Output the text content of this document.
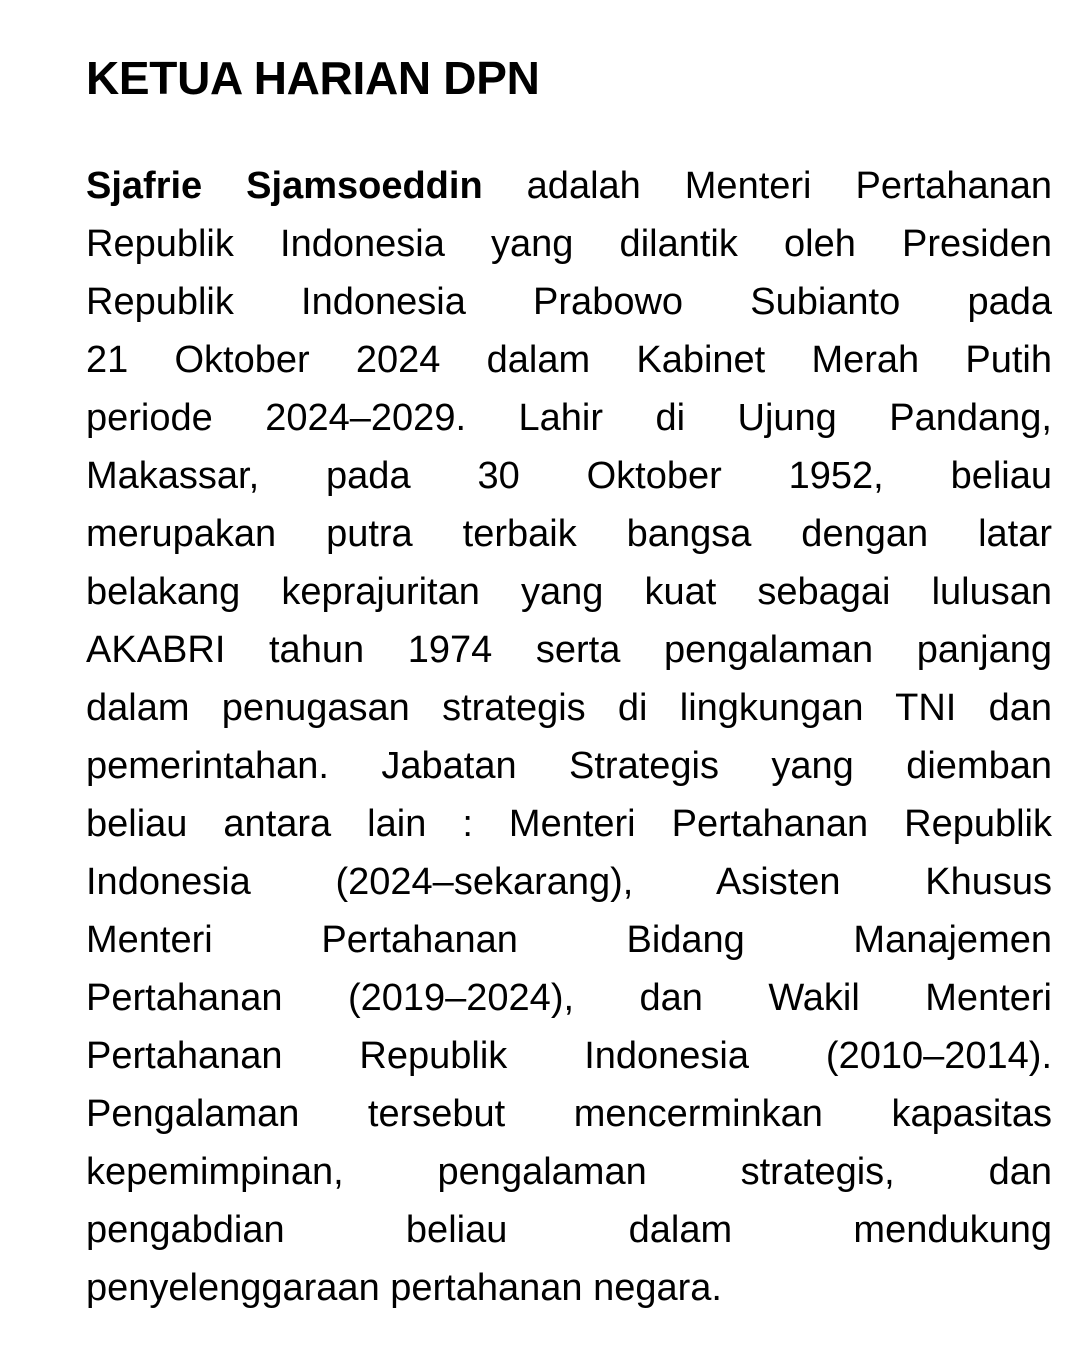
KETUA HARIAN DPN
Sjafrie Sjamsoeddin adalah Menteri Pertahanan
Republik Indonesia yang dilantik oleh Presiden
Republik Indonesia Prabowo Subianto pada
21 Oktober 2024 dalam Kabinet Merah Putih
periode 2024–2029. Lahir di Ujung Pandang,
Makassar, pada 30 Oktober 1952, beliau
merupakan putra terbaik bangsa dengan latar
belakang keprajuritan yang kuat sebagai lulusan
AKABRI tahun 1974 serta pengalaman panjang
dalam penugasan strategis di lingkungan TNI dan
pemerintahan. Jabatan Strategis yang diemban
beliau antara lain : Menteri Pertahanan Republik
Indonesia (2024–sekarang), Asisten Khusus
Menteri Pertahanan Bidang Manajemen
Pertahanan (2019–2024), dan Wakil Menteri
Pertahanan Republik Indonesia (2010–2014).
Pengalaman tersebut mencerminkan kapasitas
kepemimpinan, pengalaman strategis, dan
pengabdian beliau dalam mendukung
penyelenggaraan pertahanan negara.
